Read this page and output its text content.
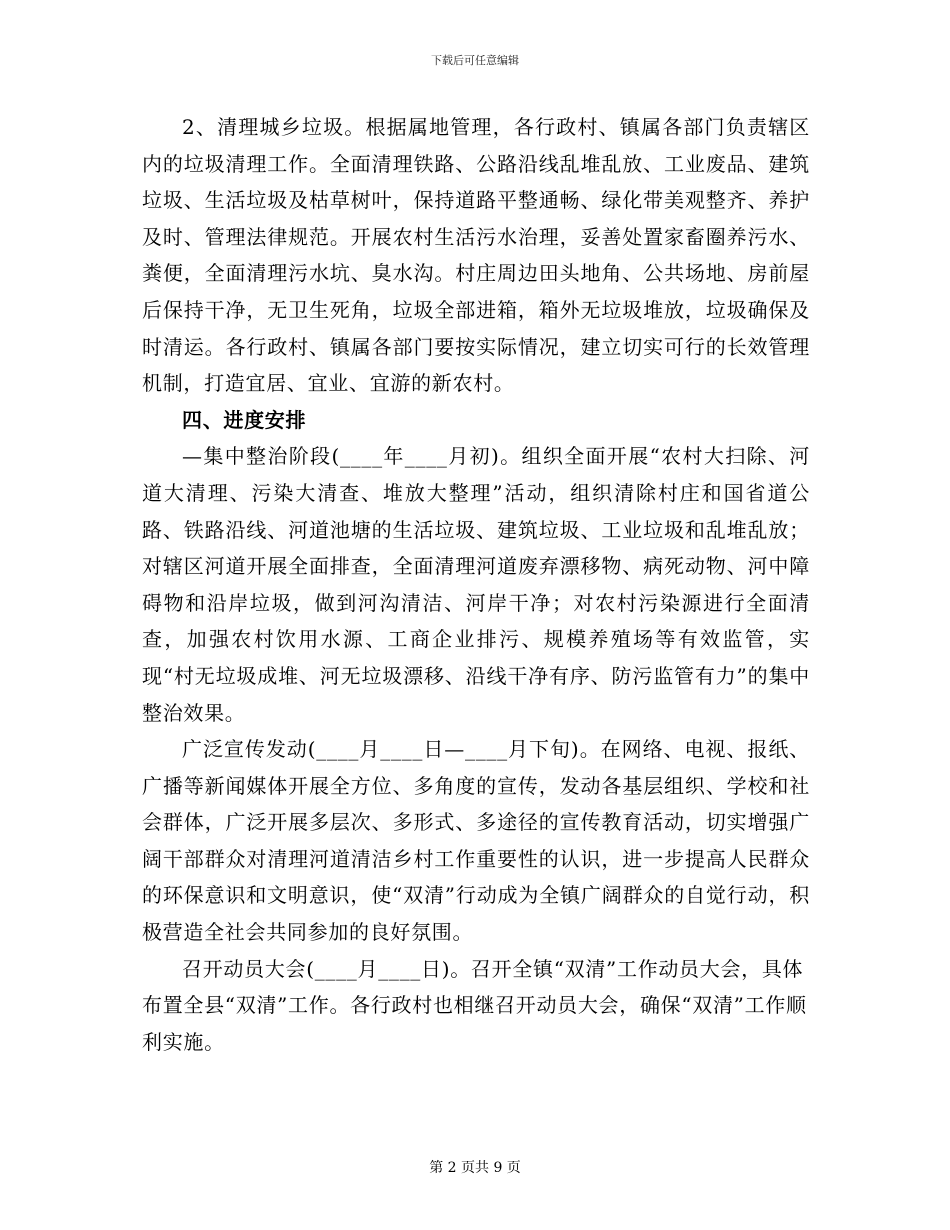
下载后可任意编辑

2、清理城乡垃圾。根据属地管理，各行政村、镇属各部门负责辖区内的垃圾清理工作。全面清理铁路、公路沿线乱堆乱放、工业废品、建筑垃圾、生活垃圾及枯草树叶，保持道路平整通畅、绿化带美观整齐、养护及时、管理法律规范。开展农村生活污水治理，妥善处置家畜圈养污水、粪便，全面清理污水坑、臭水沟。村庄周边田头地角、公共场地、房前屋后保持干净，无卫生死角，垃圾全部进箱，箱外无垃圾堆放，垃圾确保及时清运。各行政村、镇属各部门要按实际情况，建立切实可行的长效管理机制，打造宜居、宜业、宜游的新农村。

四、进度安排

—集中整治阶段(____年____月初)。组织全面开展“农村大扫除、河道大清理、污染大清查、堆放大整理”活动，组织清除村庄和国省道公路、铁路沿线、河道池塘的生活垃圾、建筑垃圾、工业垃圾和乱堆乱放；对辖区河道开展全面排查，全面清理河道废弃漂移物、病死动物、河中障碍物和沿岸垃圾，做到河沟清洁、河岸干净；对农村污染源进行全面清查，加强农村饮用水源、工商企业排污、规模养殖场等有效监管，实现“村无垃圾成堆、河无垃圾漂移、沿线干净有序、防污监管有力”的集中整治效果。

广泛宣传发动(____月____日—____月下旬)。在网络、电视、报纸、广播等新闻媒体开展全方位、多角度的宣传，发动各基层组织、学校和社会群体，广泛开展多层次、多形式、多途径的宣传教育活动，切实增强广阔干部群众对清理河道清洁乡村工作重要性的认识，进一步提高人民群众的环保意识和文明意识，使“双清”行动成为全镇广阔群众的自觉行动，积极营造全社会共同参加的良好氛围。

召开动员大会(____月____日)。召开全镇“双清”工作动员大会，具体布置全县“双清”工作。各行政村也相继召开动员大会，确保“双清”工作顺利实施。

第 2 页共 9 页
